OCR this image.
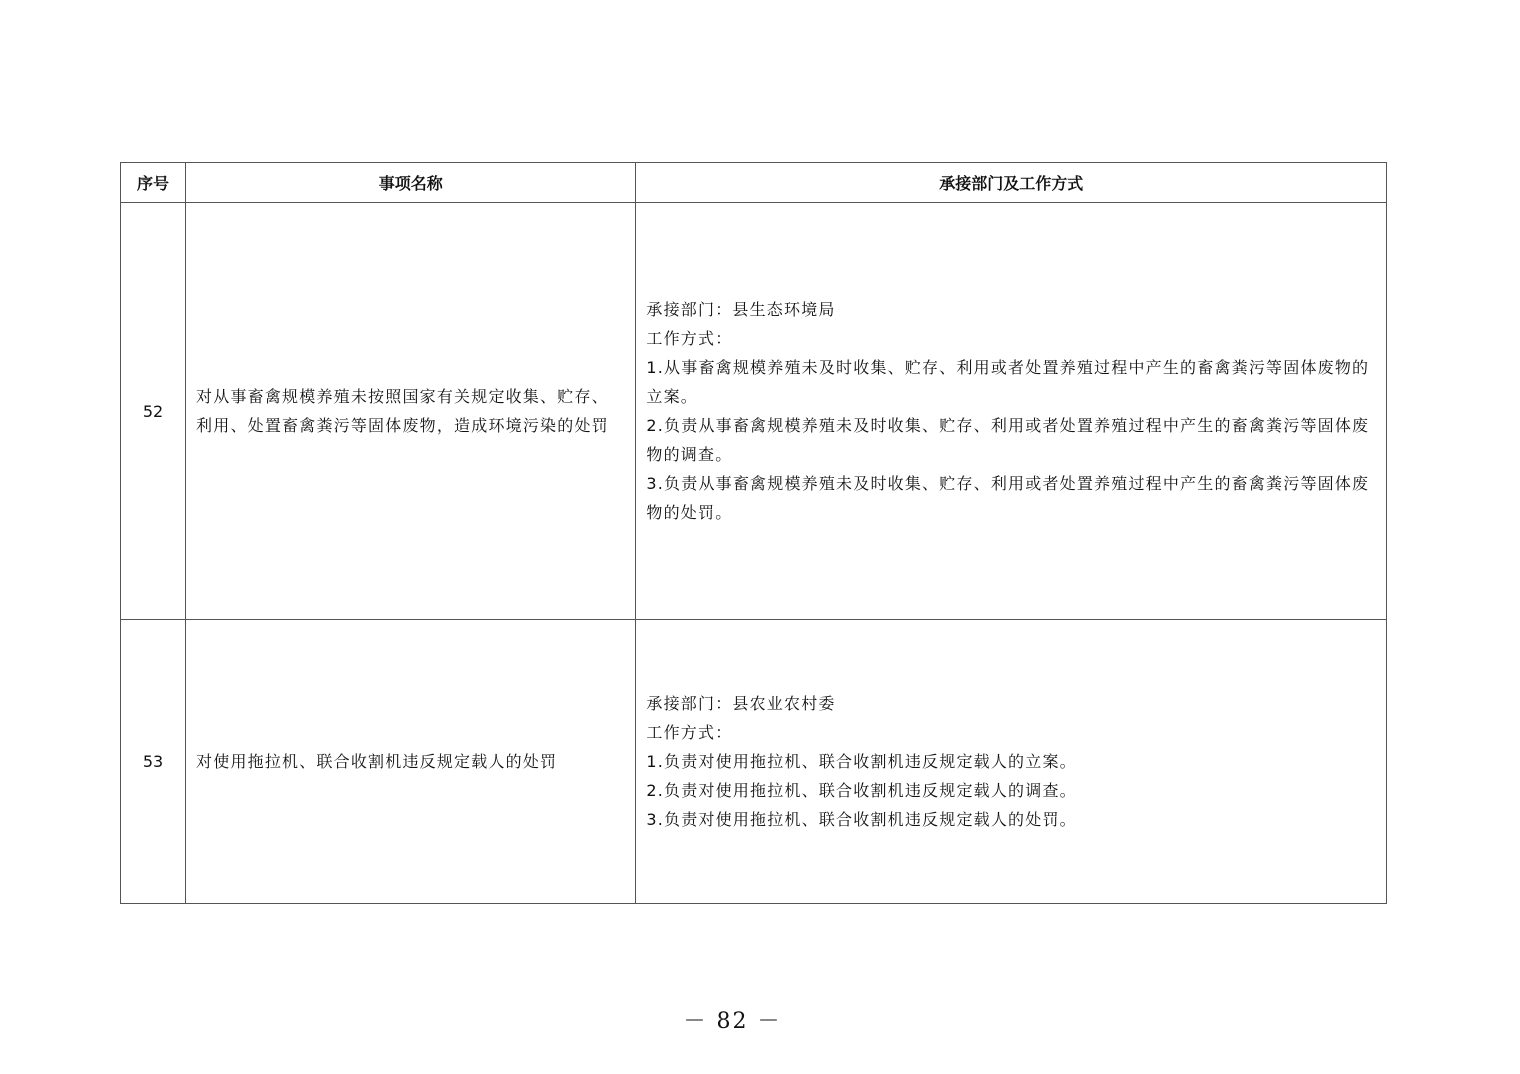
序号	事项名称	承接部门及工作方式
52	对从事畜禽规模养殖未按照国家有关规定收集、贮存、利用、处置畜禽粪污等固体废物，造成环境污染的处罚	承接部门：县生态环境局
工作方式：
1.从事畜禽规模养殖未及时收集、贮存、利用或者处置养殖过程中产生的畜禽粪污等固体废物的立案。
2.负责从事畜禽规模养殖未及时收集、贮存、利用或者处置养殖过程中产生的畜禽粪污等固体废物的调查。
3.负责从事畜禽规模养殖未及时收集、贮存、利用或者处置养殖过程中产生的畜禽粪污等固体废物的处罚。

53	对使用拖拉机、联合收割机违反规定载人的处罚	承接部门：县农业农村委
工作方式：
1.负责对使用拖拉机、联合收割机违反规定载人的立案。
2.负责对使用拖拉机、联合收割机违反规定载人的调查。
3.负责对使用拖拉机、联合收割机违反规定载人的处罚。
－ 82 －
